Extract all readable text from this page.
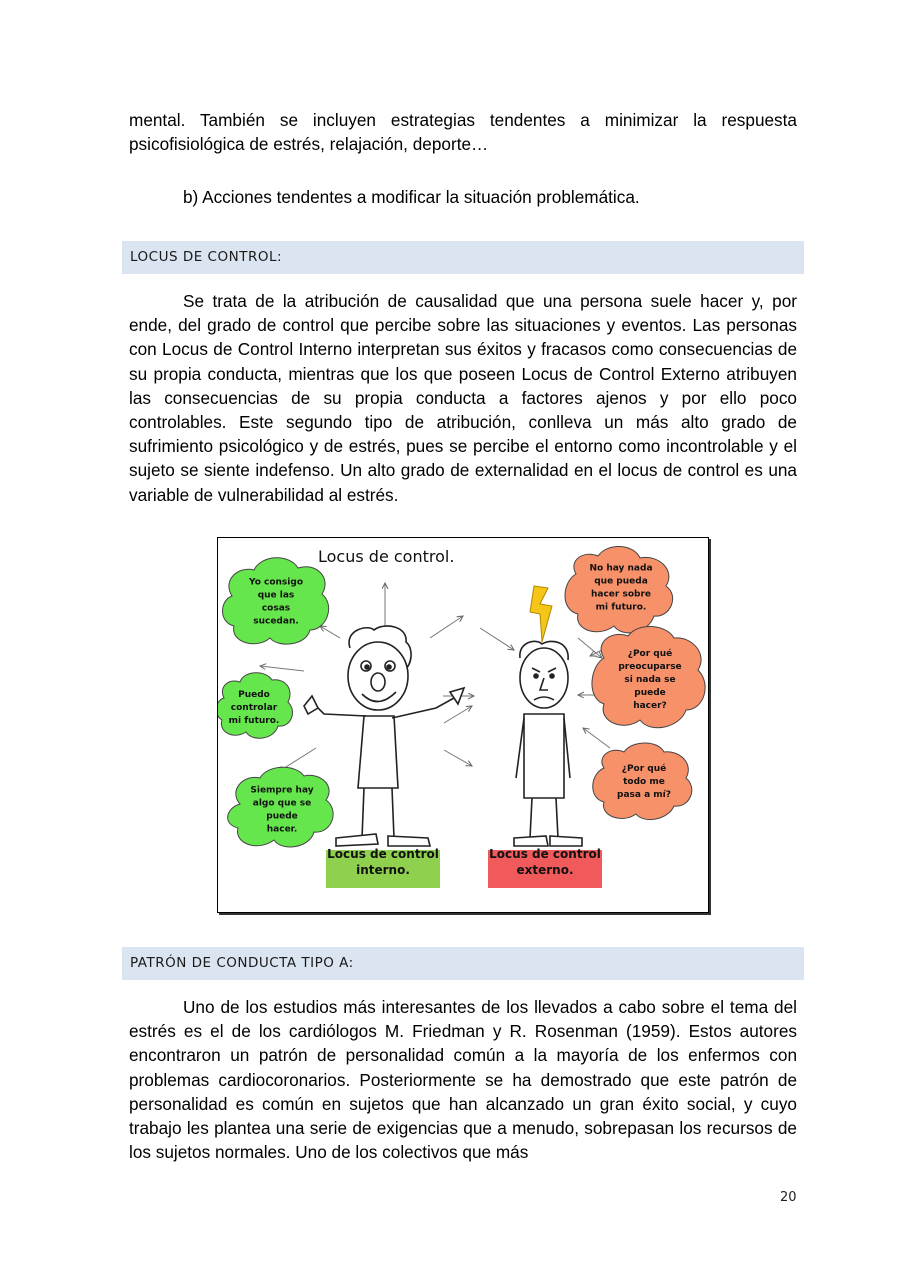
mental. También se incluyen estrategias tendentes a minimizar la respuesta psicofisiológica de estrés, relajación, deporte…

b) Acciones tendentes a modificar la situación problemática.

LOCUS DE CONTROL:

Se trata de la atribución de causalidad que una persona suele hacer y, por ende, del grado de control que percibe sobre las situaciones y eventos. Las personas con Locus de Control Interno interpretan sus éxitos y fracasos como consecuencias de su propia conducta, mientras que los que poseen Locus de Control Externo atribuyen las consecuencias de su propia conducta a factores ajenos y por ello poco controlables. Este segundo tipo de atribución, conlleva un más alto grado de sufrimiento psicológico y de estrés, pues se percibe el entorno como incontrolable y el sujeto se siente indefenso. Un alto grado de externalidad en el locus de control es una variable de vulnerabilidad al estrés.

Locus de control.
Yo consigo que las cosas sucedan.
Puedo controlar mi futuro.
Siempre hay algo que se puede hacer.
No hay nada que pueda hacer sobre mi futuro.
¿Por qué preocuparse si nada se puede hacer?
¿Por qué todo me pasa a mí?
Locus de control interno.
Locus de control externo.
PATRÓN DE CONDUCTA TIPO A:

Uno de los estudios más interesantes de los llevados a cabo sobre el tema del estrés es el de los cardiólogos M. Friedman y R. Rosenman (1959). Estos autores encontraron un patrón de personalidad común a la mayoría de los enfermos con problemas cardiocoronarios. Posteriormente se ha demostrado que este patrón de personalidad es común en sujetos que han alcanzado un gran éxito social, y cuyo trabajo les plantea una serie de exigencias que a menudo, sobrepasan los recursos de los sujetos normales. Uno de los colectivos que más

20
